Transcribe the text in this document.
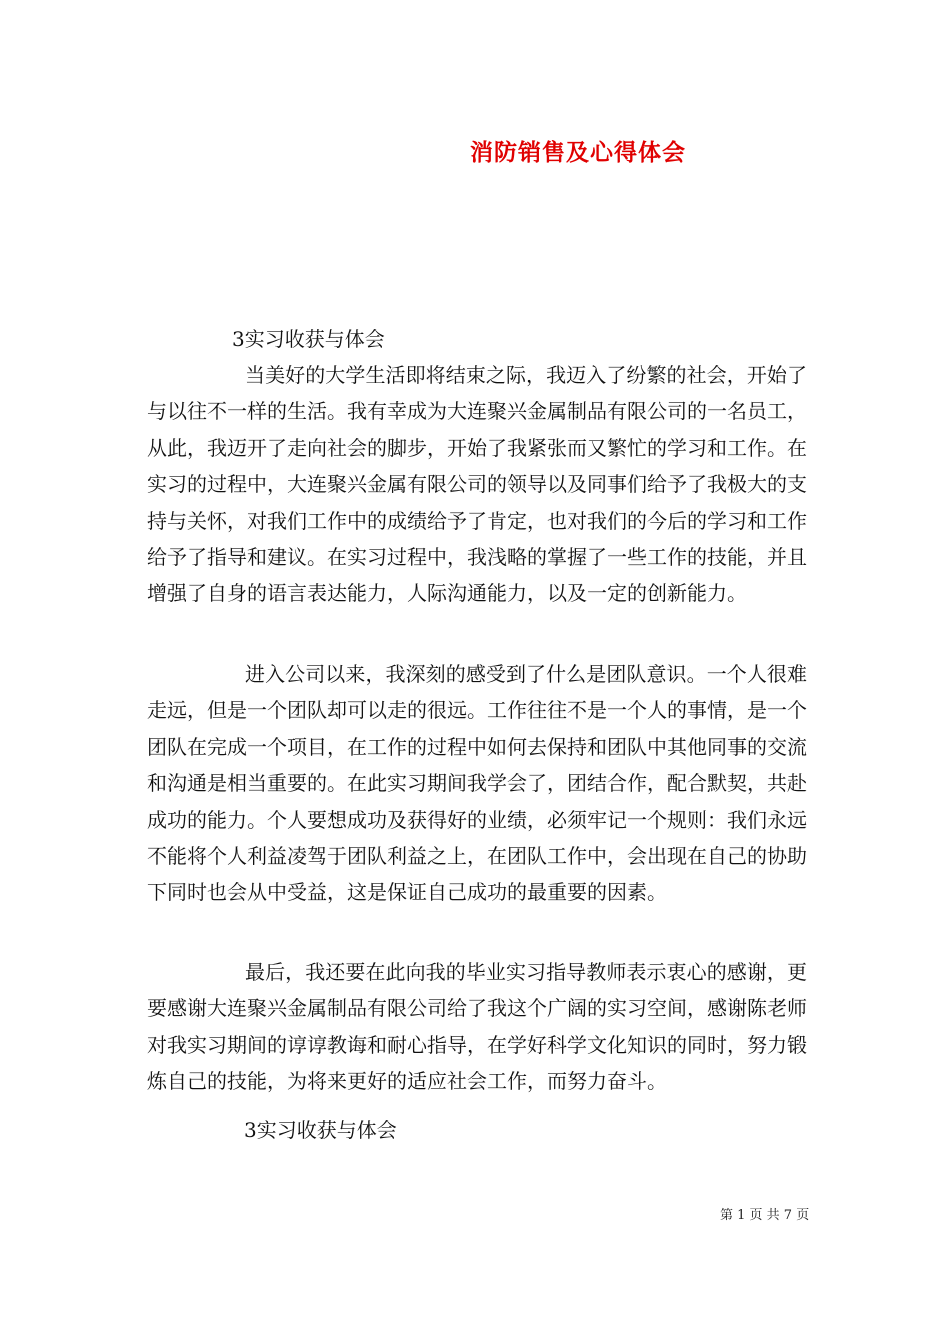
消防销售及心得体会
3实习收获与体会

当美好的大学生活即将结束之际，我迈入了纷繁的社会，开始了与以往不一样的生活。我有幸成为大连聚兴金属制品有限公司的一名员工，从此，我迈开了走向社会的脚步，开始了我紧张而又繁忙的学习和工作。在实习的过程中，大连聚兴金属有限公司的领导以及同事们给予了我极大的支持与关怀，对我们工作中的成绩给予了肯定，也对我们的今后的学习和工作给予了指导和建议。在实习过程中，我浅略的掌握了一些工作的技能，并且增强了自身的语言表达能力，人际沟通能力，以及一定的创新能力。

进入公司以来，我深刻的感受到了什么是团队意识。一个人很难走远，但是一个团队却可以走的很远。工作往往不是一个人的事情，是一个团队在完成一个项目，在工作的过程中如何去保持和团队中其他同事的交流和沟通是相当重要的。在此实习期间我学会了，团结合作，配合默契，共赴成功的能力。个人要想成功及获得好的业绩，必须牢记一个规则：我们永远不能将个人利益凌驾于团队利益之上，在团队工作中，会出现在自己的协助下同时也会从中受益，这是保证自己成功的最重要的因素。

最后，我还要在此向我的毕业实习指导教师表示衷心的感谢，更要感谢大连聚兴金属制品有限公司给了我这个广阔的实习空间，感谢陈老师对我实习期间的谆谆教诲和耐心指导，在学好科学文化知识的同时，努力锻炼自己的技能，为将来更好的适应社会工作，而努力奋斗。

3实习收获与体会
第 1 页 共 7 页
